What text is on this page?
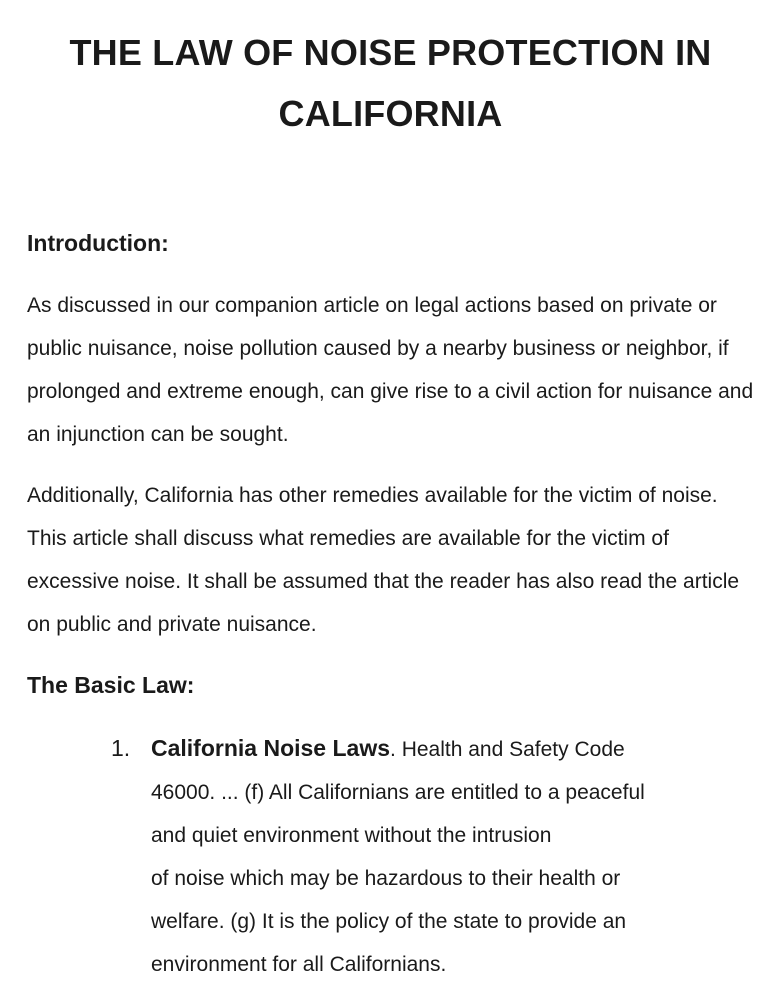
THE LAW OF NOISE PROTECTION IN CALIFORNIA
Introduction:

As discussed in our companion article on legal actions based on private or public nuisance, noise pollution caused by a nearby business or neighbor, if prolonged and extreme enough, can give rise to a civil action for nuisance and an injunction can be sought.

Additionally, California has other remedies available for the victim of noise. This article shall discuss what remedies are available for the victim of excessive noise. It shall be assumed that the reader has also read the article on public and private nuisance.

The Basic Law:
1. California Noise Laws. Health and Safety Code
46000. ... (f) All Californians are entitled to a peaceful
and quiet environment without the intrusion
of noise which may be hazardous to their health or
welfare. (g) It is the policy of the state to provide an
environment for all Californians.
